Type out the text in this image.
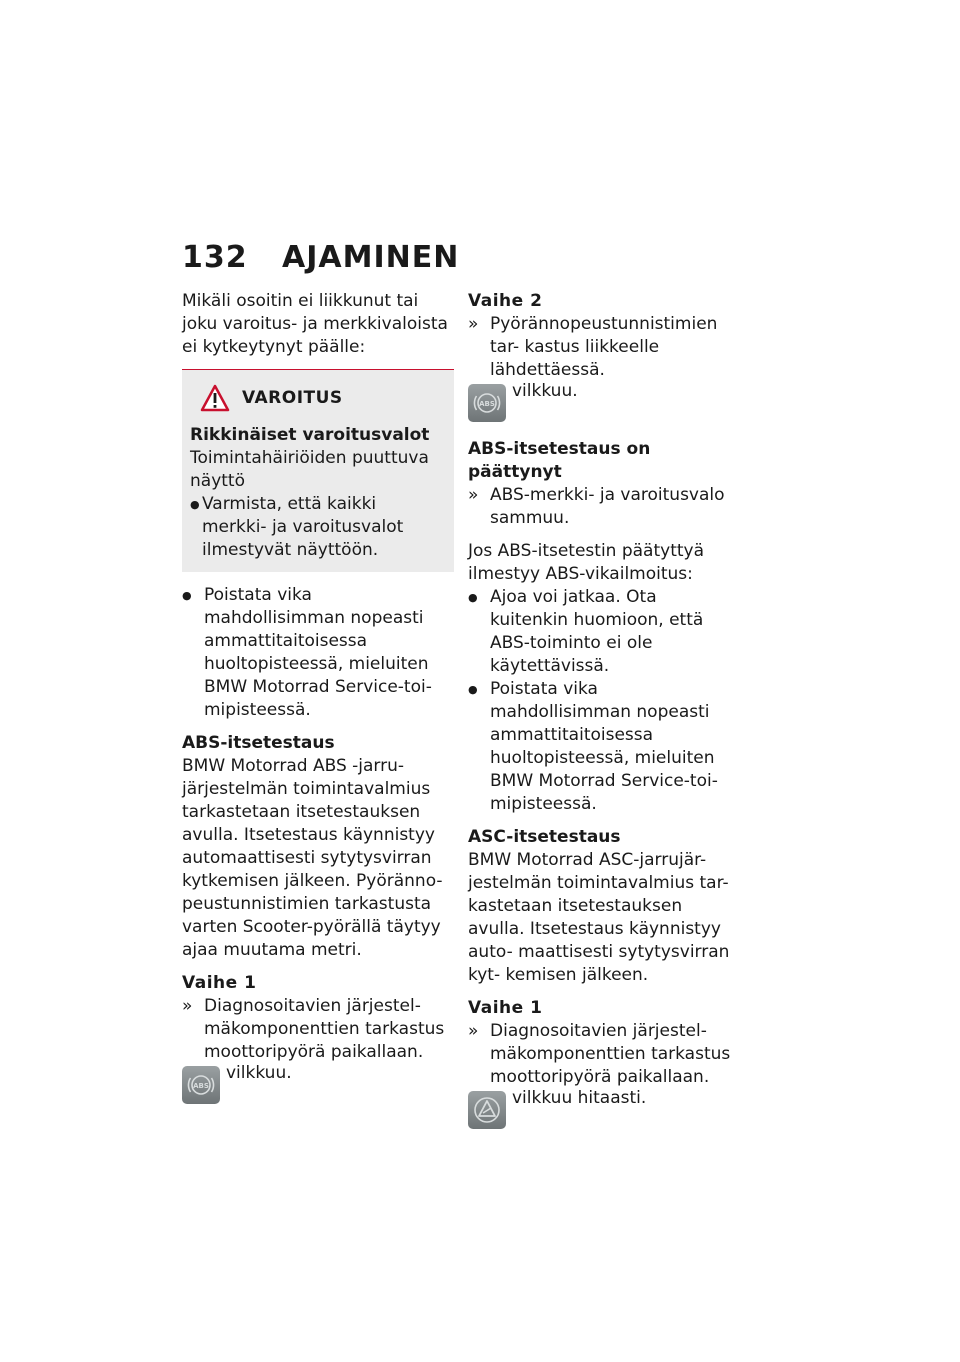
132 AJAMINEN

Mikäli osoitin ei liikkunut tai joku varoitus- ja merkkivaloista ei kytkeytynyt päälle:

VAROITUS

Rikkinäiset varoitusvalot

Toimintahäiriöiden puuttuva näyttö

● Varmista, että kaikki merkki- ja varoitusvalot ilmestyvät näyttöön.
● Poistata vika mahdollisimman nopeasti ammattitaitoisessa huoltopisteessä, mieluiten BMW Motorrad Service-toi- mipisteessä.

ABS-itsetestaus

BMW Motorrad ABS -jarru- järjestelmän toimintavalmius tarkastetaan itsetestauksen avulla. Itsetestaus käynnistyy automaattisesti sytytysvirran kytkemisen jälkeen. Pyöränno- peustunnistimien tarkastusta varten Scooter-pyörällä täytyy ajaa muutama metri.

Vaihe 1

» Diagnosoitavien järjestel- mäkomponenttien tarkastus moottoripyörä paikallaan.
ABS
vilkkuu.

Vaihe 2

» Pyörännopeustunnistimien tar- kastus liikkeelle lähdettäessä.
ABS
vilkkuu.

ABS-itsetestaus on päättynyt

» ABS-merkki- ja varoitusvalo sammuu.

Jos ABS-itsetestin päätyttyä ilmestyy ABS-vikailmoitus:

● Ajoa voi jatkaa. Ota kuitenkin huomioon, että ABS-toiminto ei ole käytettävissä.
● Poistata vika mahdollisimman nopeasti ammattitaitoisessa huoltopisteessä, mieluiten BMW Motorrad Service-toi- mipisteessä.

ASC-itsetestaus

BMW Motorrad ASC-jarrujär- jestelmän toimintavalmius tar- kastetaan itsetestauksen avulla. Itsetestaus käynnistyy auto- maattisesti sytytysvirran kyt- kemisen jälkeen.

Vaihe 1

» Diagnosoitavien järjestel- mäkomponenttien tarkastus moottoripyörä paikallaan.
vilkkuu hitaasti.
